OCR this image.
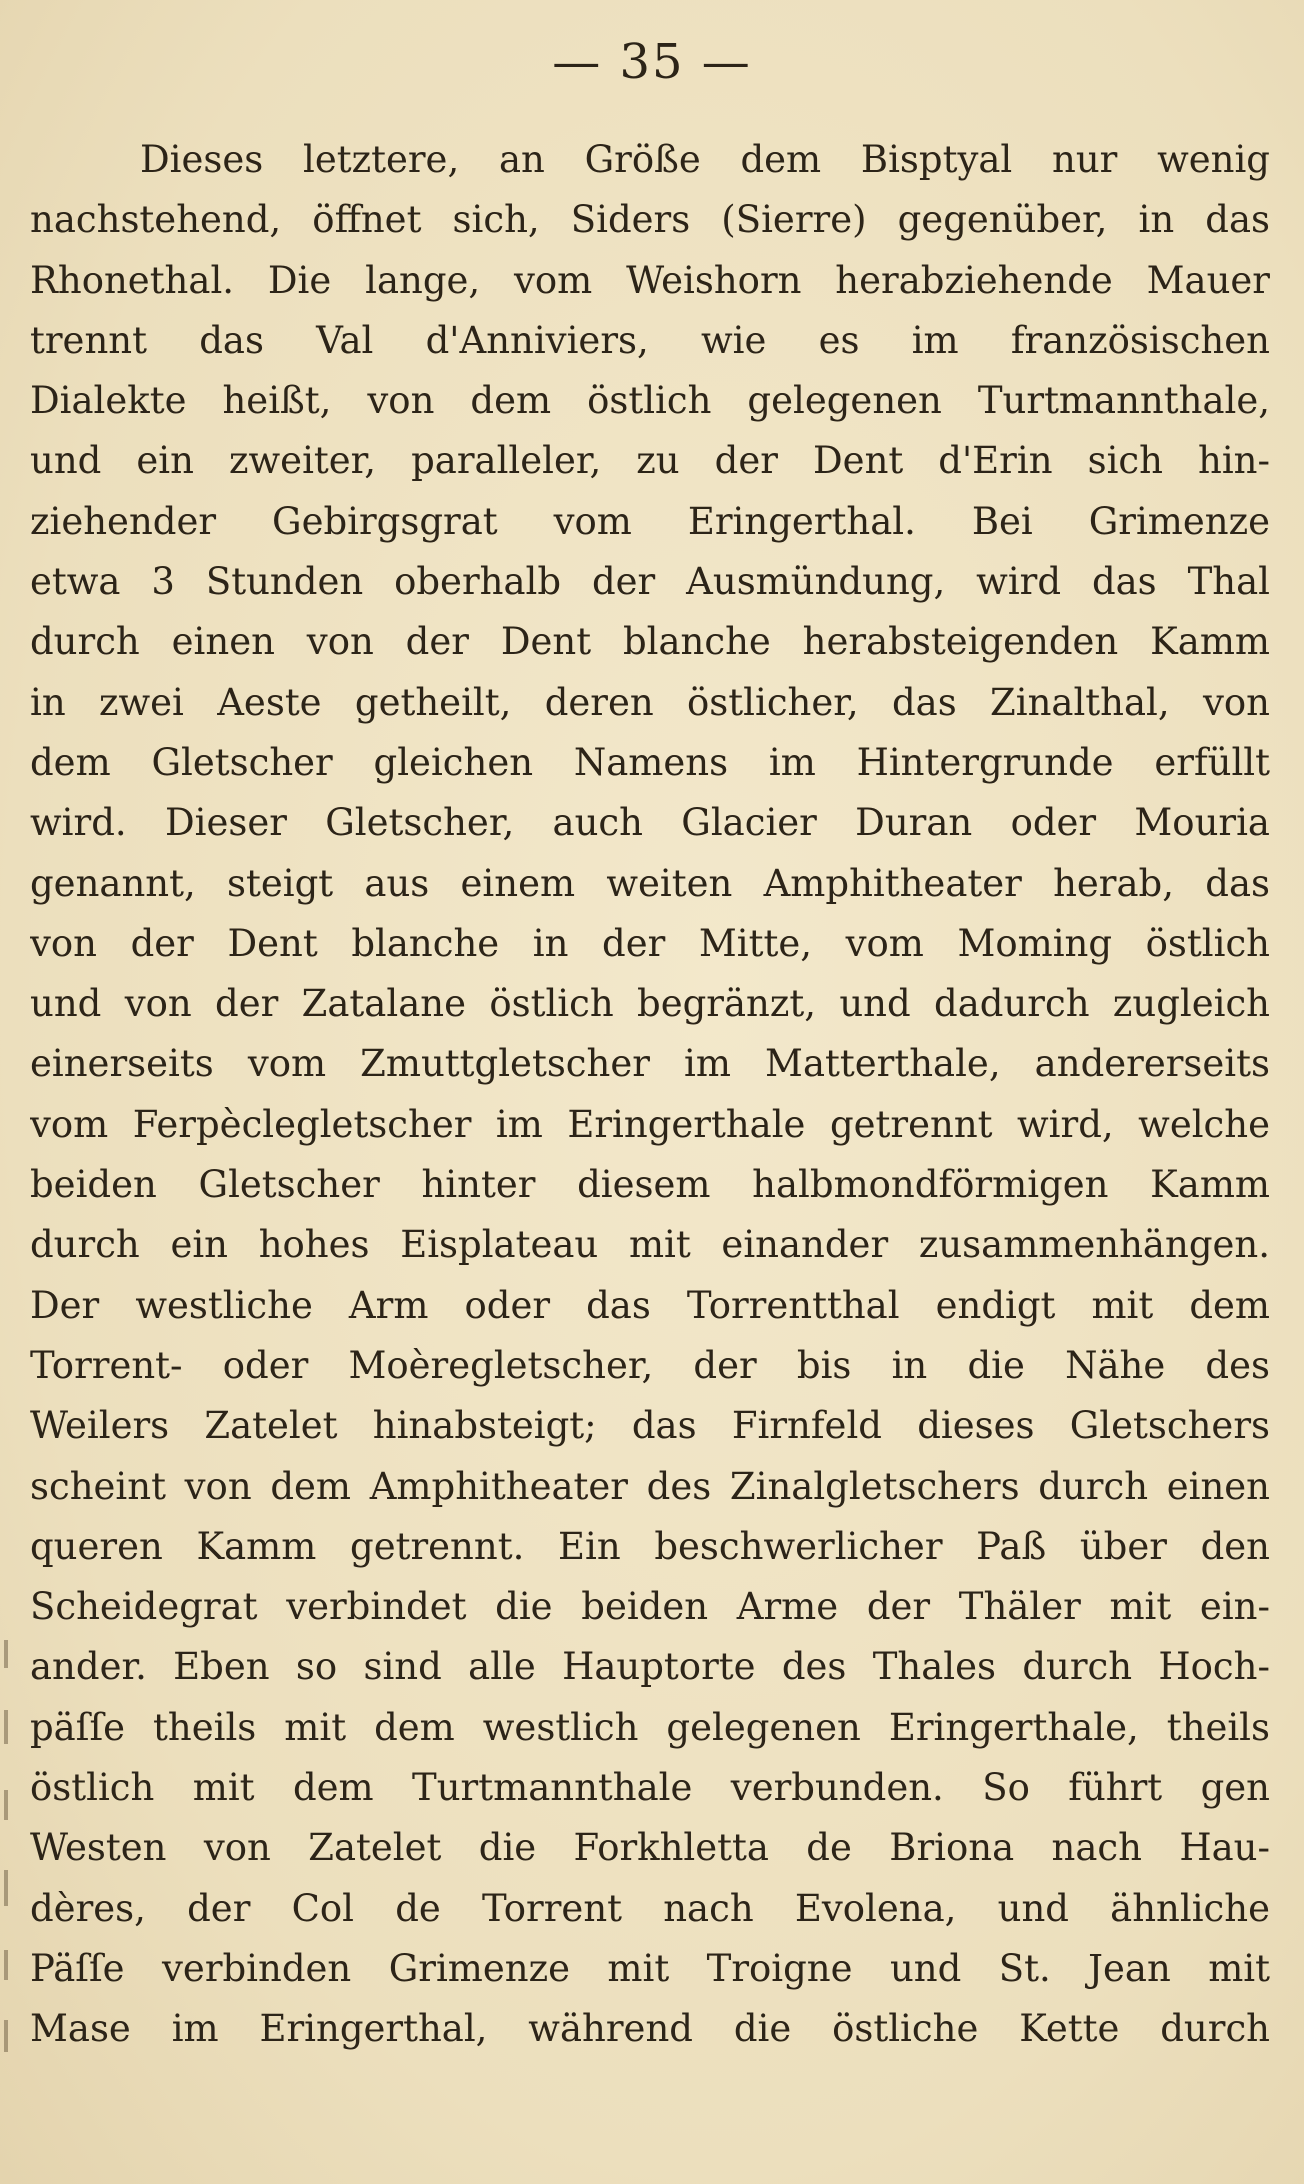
— 35 —
Dieses letztere, an Größe dem Bisptyal nur wenig
nachstehend, öffnet sich, Siders (Sierre) gegenüber, in das
Rhonethal. Die lange, vom Weishorn herabziehende Mauer
trennt das Val d'Anniviers, wie es im französischen
Dialekte heißt, von dem östlich gelegenen Turtmannthale,
und ein zweiter, paralleler, zu der Dent d'Erin sich hin-
ziehender Gebirgsgrat vom Eringerthal. Bei Grimenze
etwa 3 Stunden oberhalb der Ausmündung, wird das Thal
durch einen von der Dent blanche herabsteigenden Kamm
in zwei Aeste getheilt, deren östlicher, das Zinalthal, von
dem Gletscher gleichen Namens im Hintergrunde erfüllt
wird. Dieser Gletscher, auch Glacier Duran oder Mouria
genannt, steigt aus einem weiten Amphitheater herab, das
von der Dent blanche in der Mitte, vom Moming östlich
und von der Zatalane östlich begränzt, und dadurch zugleich
einerseits vom Zmuttgletscher im Matterthale, andererseits
vom Ferpèclegletscher im Eringerthale getrennt wird, welche
beiden Gletscher hinter diesem halbmondförmigen Kamm
durch ein hohes Eisplateau mit einander zusammenhängen.
Der westliche Arm oder das Torrentthal endigt mit dem
Torrent- oder Moèregletscher, der bis in die Nähe des
Weilers Zatelet hinabsteigt; das Firnfeld dieses Gletschers
scheint von dem Amphitheater des Zinalgletschers durch einen
queren Kamm getrennt. Ein beschwerlicher Paß über den
Scheidegrat verbindet die beiden Arme der Thäler mit ein-
ander. Eben so sind alle Hauptorte des Thales durch Hoch-
päſſe theils mit dem westlich gelegenen Eringerthale, theils
östlich mit dem Turtmannthale verbunden. So führt gen
Westen von Zatelet die Forkhletta de Briona nach Hau-
dères, der Col de Torrent nach Evolena, und ähnliche
Päſſe verbinden Grimenze mit Troigne und St. Jean mit
Mase im Eringerthal, während die östliche Kette durch
